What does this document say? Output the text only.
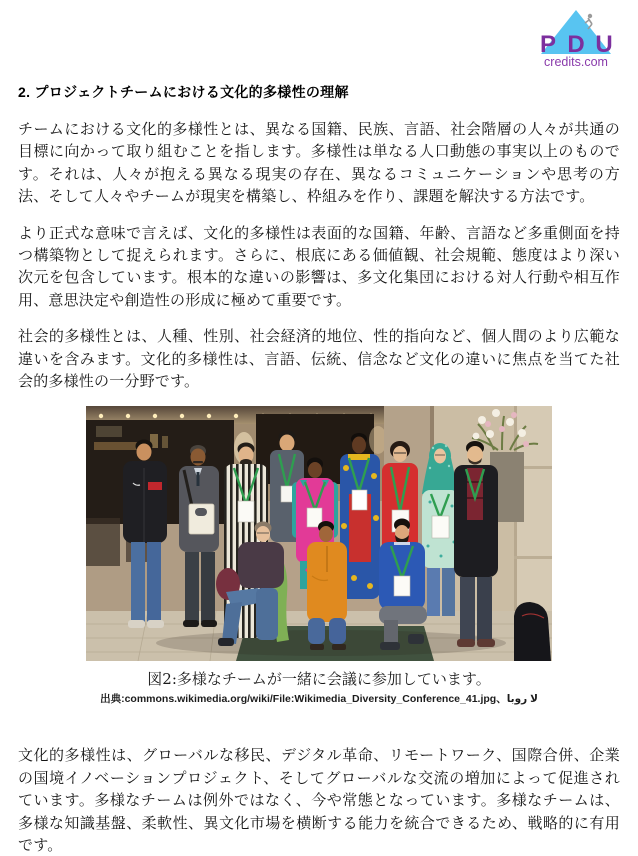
P D U
credits.com
2. プロジェクトチームにおける文化的多様性の理解

チームにおける文化的多様性とは、異なる国籍、民族、言語、社会階層の人々が共通の目標に向かって取り組むことを指します。多様性は単なる人口動態の事実以上のものです。それは、人々が抱える異なる現実の存在、異なるコミュニケーションや思考の方法、そして人々やチームが現実を構築し、枠組みを作り、課題を解決する方法です。

より正式な意味で言えば、文化的多様性は表面的な国籍、年齢、言語など多重側面を持つ構築物として捉えられます。さらに、根底にある価値観、社会規範、態度はより深い次元を包含しています。根本的な違いの影響は、多文化集団における対人行動や相互作用、意思決定や創造性の形成に極めて重要です。

社会的多様性とは、人種、性別、社会経済的地位、性的指向など、個人間のより広範な違いを含みます。文化的多様性は、言語、伝統、信念など文化の違いに焦点を当てた社会的多様性の一分野です。

図2:多様なチームが一緒に会議に参加しています。

出典:commons.wikimedia.org/wiki/File:Wikimedia_Diversity_Conference_41.jpg、لا روبا

文化的多様性は、グローバルな移民、デジタル革命、リモートワーク、国際合併、企業の国境イノベーションプロジェクト、そしてグローバルな交流の増加によって促進されています。多様なチームは例外ではなく、今や常態となっています。多様なチームは、多様な知識基盤、柔軟性、異文化市場を横断する能力を統合できるため、戦略的に有用です。
